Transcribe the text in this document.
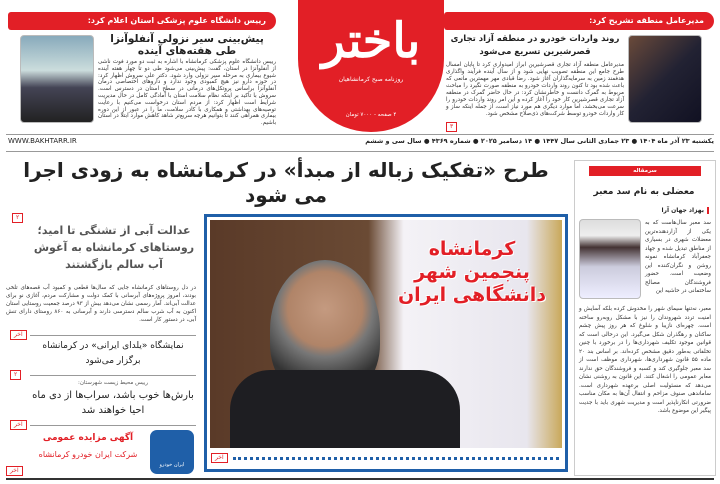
رییس دانشگاه علوم پزشکی استان اعلام کرد:
پیش‌بینی سیر نزولی آنفلوآنزا
طی هفته‌های آینده
رییس دانشگاه علوم پزشکی کرمانشاه با اشاره به ثبت دو مورد فوت ناشی از آنفلوآنزا در استان، گفت: پیش‌بینی می‌شود طی دو تا چهار هفته آینده شیوع بیماری به مرحله سیر نزولی وارد شود. دکتر علی سروش اظهار کرد: در حوزه دارو نیز هیچ کمبودی وجود ندارد و داروهای اختصاصی درمان آنفلوآنزا براساس پروتکل‌های درمانی در سطح استان در دسترس است. سروش با تأکید بر اینکه نظام سلامت استان با آمادگی کامل در حال مدیریت شرایط است اظهار کرد: از مردم استان درخواست می‌کنیم با رعایت توصیه‌های بهداشتی و همکاری با کادر سلامت، ما را در عبور از این دوره بیماری همراهی کنند تا بتوانیم هرچه سریع‌تر شاهد کاهش موارد ابتلا در استان باشیم.
باختر
روزنامه صبح کرمانشاهیان
۴ صفحه - ۷۰۰۰ تومان
مدیرعامل منطقه تشریح کرد:
روند واردات خودرو در منطقه آزاد تجاری
قصرشیرین تسریع می‌شود
مدیرعامل منطقه آزاد تجاری قصرشیرین ابراز امیدواری کرد تا پایان امسال طرح جامع این منطقه تصویب نهایی شود و از سال آینده فرآیند واگذاری هدفمند زمین به سرمایه‌گذاران آغاز شود. رضا قبادی مهر مهمترین مانعی که باعث شده بود تا کنون روند واردات خودرو به منطقه صورت نگیرد را مباحث مربوط به گمرک دانست و خاطرنشان کرد: در حال حاضر گمرک در منطقه آزاد تجاری قصرشیرین کار خود را آغاز کرده و این امر روند واردات خودرو را سرعت می‌بخشد، اما موارد دیگری هم مورد نیاز است، از جمله اینکه ساز و کار واردات خودرو توسط شرکت‌های ذی‌صلاح مشخص شود.
۳
یکشنبه ۲۳ آذر ماه ۱۴۰۴ ● ۲۳ جمادی الثانی سال ۱۴۴۷ ● ۱۴ دسامبر ۲۰۲۵ ● شماره ۴۳۶۹ ● سال سی و ششم
WWW.BAKHTARR.IR
طرح «تفکیک زباله از مبدأ» در کرمانشاه به زودی اجرا می شود
سرمقاله
معضلی به نام سد معبر
بهزاد جهان آرا
سد معبر سال‌هاست که به یکی از آزاردهنده‌ترین معضلات شهری در بسیاری از مناطق تبدیل شده و جهاد جعفرآباد کرمانشاه نمونه روشن و نگران‌کننده این وضعیت است. حضور فروشندگان مصالح ساختمانی در حاشیه این
معبر، نه‌تنها سیمای شهر را مخدوش کرده بلکه آسایش و امنیت تردد شهروندان را نیز با مشکل روبه‌رو ساخته است. چهره‌ای نازیبا و شلوغ که هر روز پیش چشم ساکنان و رهگذران شکل می‌گیرد. این درحالی است که قوانین موجود تکلیف شهرداری‌ها را در برخورد با چنین تخلفاتی به‌طور دقیق مشخص کرده‌اند. بر اساس بند ۲۰ ماده ۵۵ قانون شهرداری‌ها، شهرداری موظف است از سد معبر جلوگیری کند و کسبه و فروشندگان حق ندارند معابر عمومی را اشغال کنند. این قانون به روشنی نشان می‌دهد که مسئولیت اصلی برعهده شهرداری است. ساماندهی صنوف مزاحم و انتقال آن‌ها به مکان مناسب ضرورتی انکارناپذیر است و مدیریت شهری باید با جدیت پیگیر این موضوع باشد.
کرمانشاه
پنجمین شهر
دانشگاهی ایران
آخر
۲
عدالت آبی از تشنگی تا امید؛ روستاهای کرمانشاه به آغوش آب سالم بازگشتند
در دل روستاهای کرمانشاه جایی که سال‌ها قطعی و کمبود آب قصه‌های تلخی بودند، امروز پروژه‌های آبرسانی با کمک دولت و مشارکت مردم، آغازی نو برای عدالت آبی‌اند. آمار رسمی نشان می‌دهد بیش از ۹۳ درصد جمعیت روستایی استان اکنون به آب شرب سالم دسترسی دارند و آبرسانی به ۸۶۰ روستای دارای تنش آبی، در دستور کار است.
آخر
نمایشگاه «یلدای ایرانی» در کرمانشاه برگزار می‌شود
۲
رییس محیط زیست شهرستان:
بارش‌ها خوب باشد، سراب‌ها از دی ماه احیا خواهند شد
آخر
ایران خودرو
آگهی مزایده عمومی
شرکت ایران خودرو کرمانشاه
آخر
